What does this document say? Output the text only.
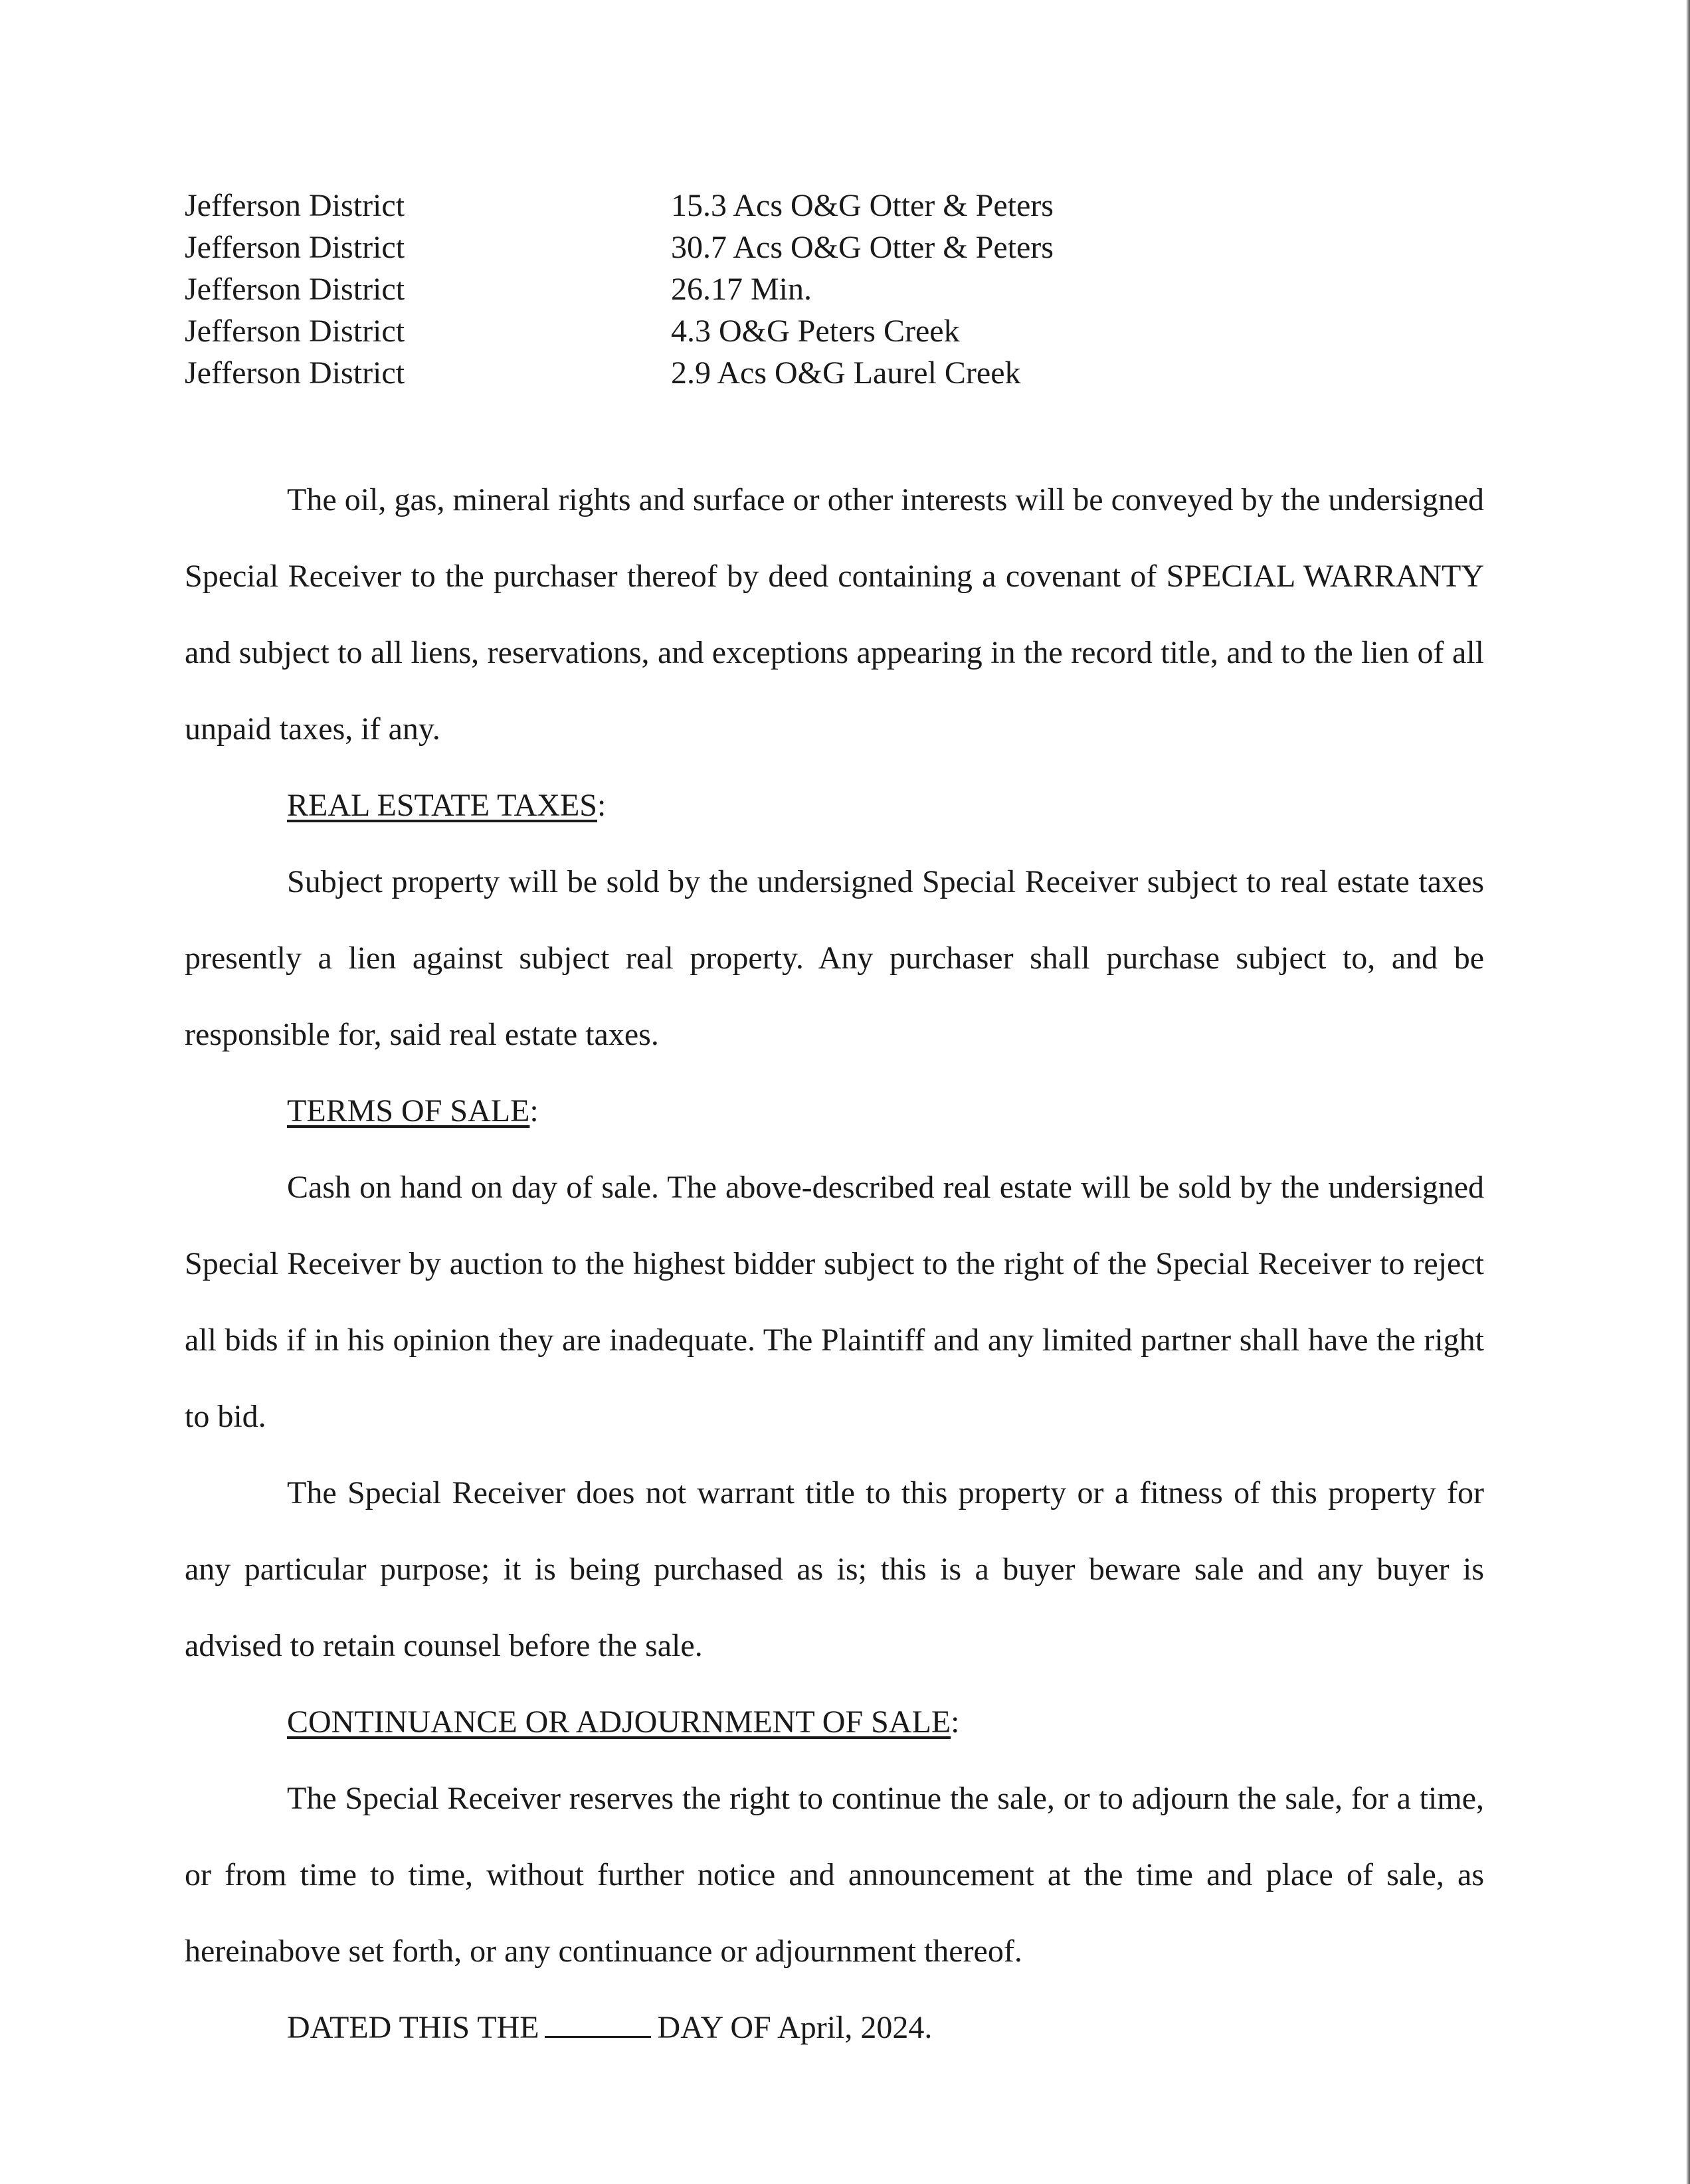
Jefferson District	15.3 Acs O&G Otter & Peters
Jefferson District	30.7 Acs O&G Otter & Peters
Jefferson District	26.17 Min.
Jefferson District	4.3 O&G Peters Creek
Jefferson District	2.9 Acs O&G Laurel Creek

The oil, gas, mineral rights and surface or other interests will be conveyed by the undersigned Special Receiver to the purchaser thereof by deed containing a covenant of SPECIAL WARRANTY and subject to all liens, reservations, and exceptions appearing in the record title, and to the lien of all unpaid taxes, if any.

REAL ESTATE TAXES:

Subject property will be sold by the undersigned Special Receiver subject to real estate taxes presently a lien against subject real property. Any purchaser shall purchase subject to, and be responsible for, said real estate taxes.

TERMS OF SALE:

Cash on hand on day of sale. The above-described real estate will be sold by the undersigned Special Receiver by auction to the highest bidder subject to the right of the Special Receiver to reject all bids if in his opinion they are inadequate. The Plaintiff and any limited partner shall have the right to bid.

The Special Receiver does not warrant title to this property or a fitness of this property for any particular purpose; it is being purchased as is; this is a buyer beware sale and any buyer is advised to retain counsel before the sale.

CONTINUANCE OR ADJOURNMENT OF SALE:

The Special Receiver reserves the right to continue the sale, or to adjourn the sale, for a time, or from time to time, without further notice and announcement at the time and place of sale, as hereinabove set forth, or any continuance or adjournment thereof.

DATED THIS THE	DAY OF April, 2024.
